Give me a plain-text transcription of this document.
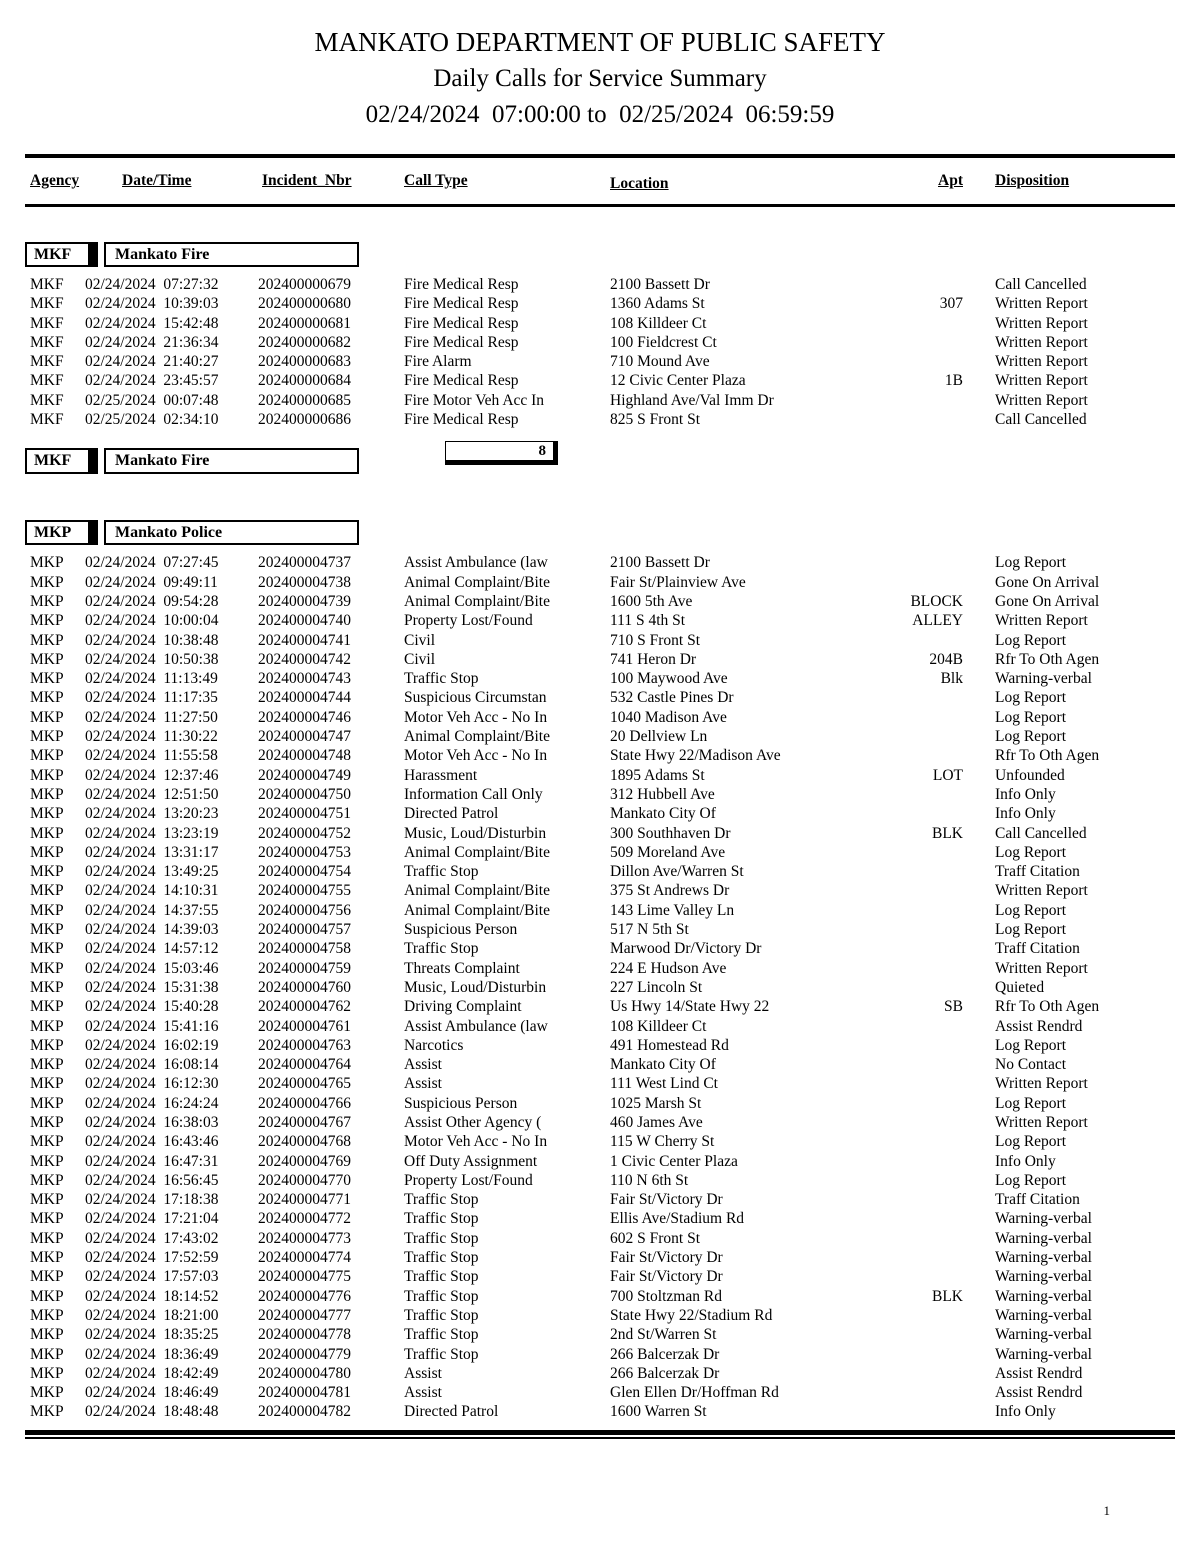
MANKATO DEPARTMENT OF PUBLIC SAFETY
Daily Calls for Service Summary
02/24/2024  07:00:00 to  02/25/2024  06:59:59
Agency	Date/Time	Incident_Nbr	Call Type	Location	Apt	Disposition
MKF	Mankato Fire
MKF	02/24/2024  07:27:32	202400000679	Fire Medical Resp	2100 Bassett Dr	Call Cancelled
MKF	02/24/2024  10:39:03	202400000680	Fire Medical Resp	1360 Adams St	307	Written Report
MKF	02/24/2024  15:42:48	202400000681	Fire Medical Resp	108 Killdeer Ct	Written Report
MKF	02/24/2024  21:36:34	202400000682	Fire Medical Resp	100 Fieldcrest Ct	Written Report
MKF	02/24/2024  21:40:27	202400000683	Fire Alarm	710 Mound Ave	Written Report
MKF	02/24/2024  23:45:57	202400000684	Fire Medical Resp	12 Civic Center Plaza	1B	Written Report
MKF	02/25/2024  00:07:48	202400000685	Fire Motor Veh Acc In	Highland Ave/Val Imm Dr	Written Report
MKF	02/25/2024  02:34:10	202400000686	Fire Medical Resp	825 S Front St	Call Cancelled
MKF	Mankato Fire
8
MKP	Mankato Police
MKP	02/24/2024  07:27:45	202400004737	Assist Ambulance (law	2100 Bassett Dr	Log Report
MKP	02/24/2024  09:49:11	202400004738	Animal Complaint/Bite	Fair St/Plainview Ave	Gone On Arrival
MKP	02/24/2024  09:54:28	202400004739	Animal Complaint/Bite	1600 5th Ave	BLOCK	Gone On Arrival
MKP	02/24/2024  10:00:04	202400004740	Property Lost/Found	111 S 4th St	ALLEY	Written Report
MKP	02/24/2024  10:38:48	202400004741	Civil	710 S Front St	Log Report
MKP	02/24/2024  10:50:38	202400004742	Civil	741 Heron Dr	204B	Rfr To Oth Agen
MKP	02/24/2024  11:13:49	202400004743	Traffic Stop	100 Maywood Ave	Blk	Warning-verbal
MKP	02/24/2024  11:17:35	202400004744	Suspicious Circumstan	532 Castle Pines Dr	Log Report
MKP	02/24/2024  11:27:50	202400004746	Motor Veh Acc - No In	1040 Madison Ave	Log Report
MKP	02/24/2024  11:30:22	202400004747	Animal Complaint/Bite	20 Dellview Ln	Log Report
MKP	02/24/2024  11:55:58	202400004748	Motor Veh Acc - No In	State Hwy 22/Madison Ave	Rfr To Oth Agen
MKP	02/24/2024  12:37:46	202400004749	Harassment	1895 Adams St	LOT	Unfounded
MKP	02/24/2024  12:51:50	202400004750	Information Call Only	312 Hubbell Ave	Info Only
MKP	02/24/2024  13:20:23	202400004751	Directed Patrol	Mankato City Of	Info Only
MKP	02/24/2024  13:23:19	202400004752	Music, Loud/Disturbin	300 Southhaven Dr	BLK	Call Cancelled
MKP	02/24/2024  13:31:17	202400004753	Animal Complaint/Bite	509 Moreland Ave	Log Report
MKP	02/24/2024  13:49:25	202400004754	Traffic Stop	Dillon Ave/Warren St	Traff Citation
MKP	02/24/2024  14:10:31	202400004755	Animal Complaint/Bite	375 St Andrews Dr	Written Report
MKP	02/24/2024  14:37:55	202400004756	Animal Complaint/Bite	143 Lime Valley Ln	Log Report
MKP	02/24/2024  14:39:03	202400004757	Suspicious Person	517 N 5th St	Log Report
MKP	02/24/2024  14:57:12	202400004758	Traffic Stop	Marwood Dr/Victory Dr	Traff Citation
MKP	02/24/2024  15:03:46	202400004759	Threats Complaint	224 E Hudson Ave	Written Report
MKP	02/24/2024  15:31:38	202400004760	Music, Loud/Disturbin	227 Lincoln St	Quieted
MKP	02/24/2024  15:40:28	202400004762	Driving Complaint	Us Hwy 14/State Hwy 22	SB	Rfr To Oth Agen
MKP	02/24/2024  15:41:16	202400004761	Assist Ambulance (law	108 Killdeer Ct	Assist Rendrd
MKP	02/24/2024  16:02:19	202400004763	Narcotics	491 Homestead Rd	Log Report
MKP	02/24/2024  16:08:14	202400004764	Assist	Mankato City Of	No Contact
MKP	02/24/2024  16:12:30	202400004765	Assist	111 West Lind Ct	Written Report
MKP	02/24/2024  16:24:24	202400004766	Suspicious Person	1025 Marsh St	Log Report
MKP	02/24/2024  16:38:03	202400004767	Assist Other Agency (	460 James Ave	Written Report
MKP	02/24/2024  16:43:46	202400004768	Motor Veh Acc - No In	115 W Cherry St	Log Report
MKP	02/24/2024  16:47:31	202400004769	Off Duty Assignment	1 Civic Center Plaza	Info Only
MKP	02/24/2024  16:56:45	202400004770	Property Lost/Found	110 N 6th St	Log Report
MKP	02/24/2024  17:18:38	202400004771	Traffic Stop	Fair St/Victory Dr	Traff Citation
MKP	02/24/2024  17:21:04	202400004772	Traffic Stop	Ellis Ave/Stadium Rd	Warning-verbal
MKP	02/24/2024  17:43:02	202400004773	Traffic Stop	602 S Front St	Warning-verbal
MKP	02/24/2024  17:52:59	202400004774	Traffic Stop	Fair St/Victory Dr	Warning-verbal
MKP	02/24/2024  17:57:03	202400004775	Traffic Stop	Fair St/Victory Dr	Warning-verbal
MKP	02/24/2024  18:14:52	202400004776	Traffic Stop	700 Stoltzman Rd	BLK	Warning-verbal
MKP	02/24/2024  18:21:00	202400004777	Traffic Stop	State Hwy 22/Stadium Rd	Warning-verbal
MKP	02/24/2024  18:35:25	202400004778	Traffic Stop	2nd St/Warren St	Warning-verbal
MKP	02/24/2024  18:36:49	202400004779	Traffic Stop	266 Balcerzak Dr	Warning-verbal
MKP	02/24/2024  18:42:49	202400004780	Assist	266 Balcerzak Dr	Assist Rendrd
MKP	02/24/2024  18:46:49	202400004781	Assist	Glen Ellen Dr/Hoffman Rd	Assist Rendrd
MKP	02/24/2024  18:48:48	202400004782	Directed Patrol	1600 Warren St	Info Only
1
